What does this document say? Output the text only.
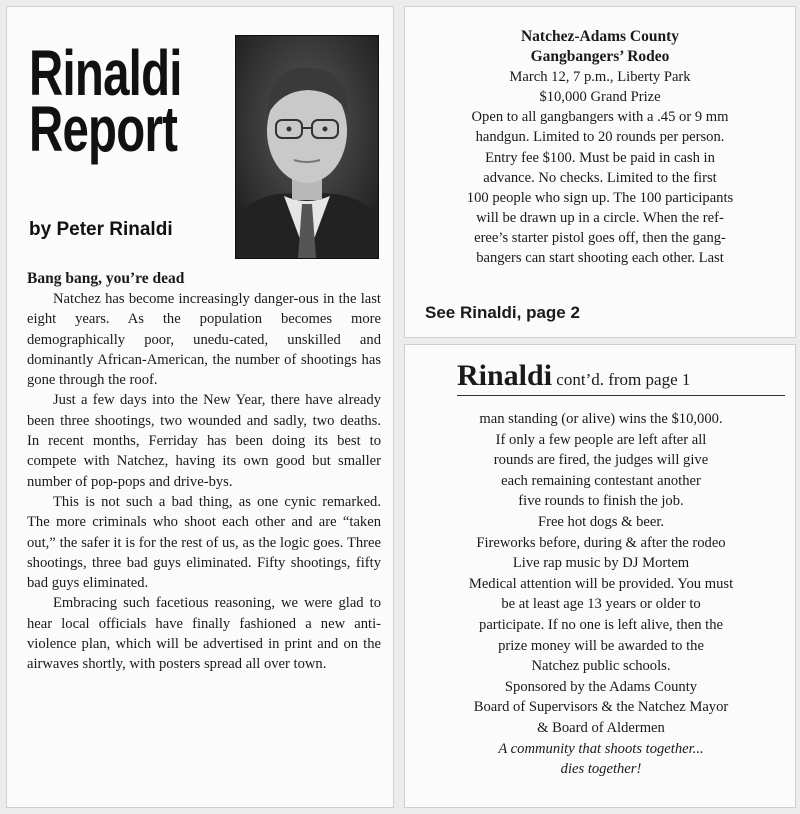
Rinaldi
Report
by Peter Rinaldi
Bang bang, you’re dead

Natchez has become increasingly danger-ous in the last eight years. As the population becomes more demographically poor, unedu-cated, unskilled and dominantly African-American, the number of shootings has gone through the roof.

Just a few days into the New Year, there have already been three shootings, two wounded and sadly, two deaths. In recent months, Ferriday has been doing its best to compete with Natchez, having its own good but smaller number of pop-pops and drive-bys.

This is not such a bad thing, as one cynic remarked. The more criminals who shoot each other and are “taken out,” the safer it is for the rest of us, as the logic goes. Three shootings, three bad guys eliminated. Fifty shootings, fifty bad guys eliminated.

Embracing such facetious reasoning, we were glad to hear local officials have finally fashioned a new anti-violence plan, which will be advertised in print and on the airwaves shortly, with posters spread all over town.

Natchez-Adams County
Gangbangers’ Rodeo
March 12, 7 p.m., Liberty Park
$10,000 Grand Prize
Open to all gangbangers with a .45 or 9 mm
handgun. Limited to 20 rounds per person.
Entry fee $100. Must be paid in cash in
advance. No checks. Limited to the first
100 people who sign up. The 100 participants
will be drawn up in a circle. When the ref-
eree’s starter pistol goes off, then the gang-
bangers can start shooting each other. Last
See Rinaldi, page 2
Rinaldi cont’d. from page 1
man standing (or alive) wins the $10,000.
If only a few people are left after all
rounds are fired, the judges will give
each remaining contestant another
five rounds to finish the job.
Free hot dogs & beer.
Fireworks before, during & after the rodeo
Live rap music by DJ Mortem
Medical attention will be provided. You must
be at least age 13 years or older to
participate. If no one is left alive, then the
prize money will be awarded to the
Natchez public schools.
Sponsored by the Adams County
Board of Supervisors & the Natchez Mayor
& Board of Aldermen
A community that shoots together...
dies together!
